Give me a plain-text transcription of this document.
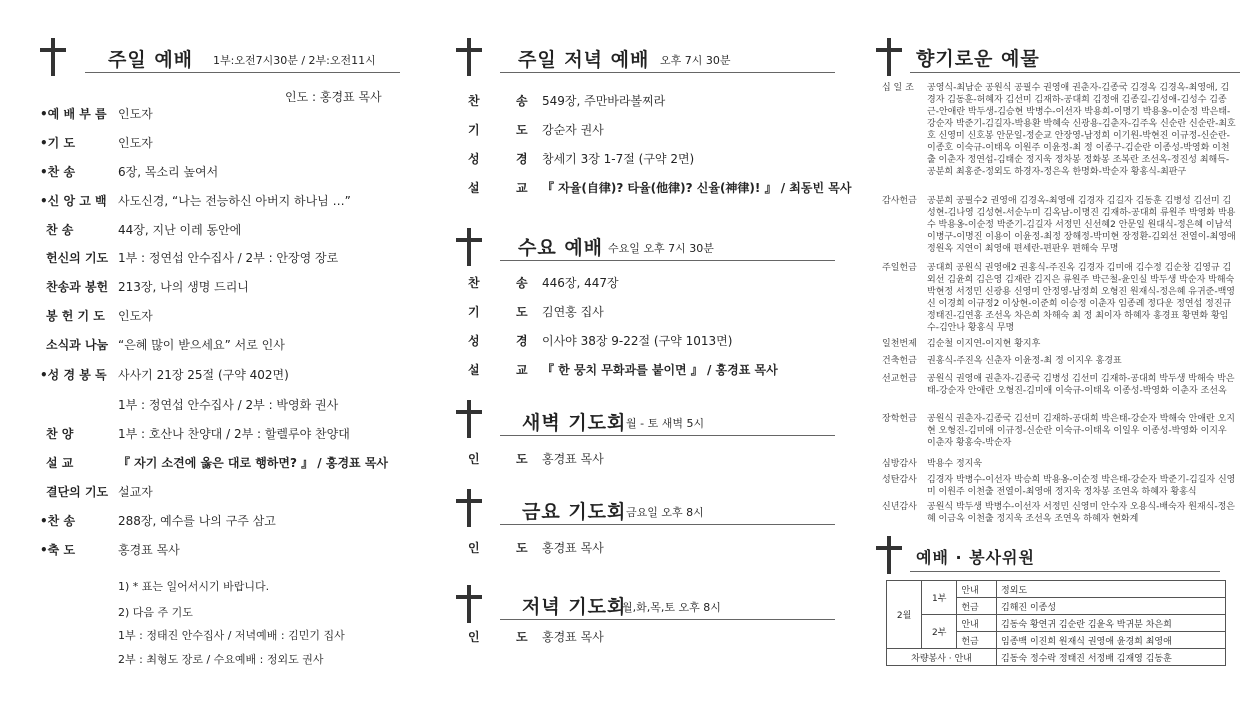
주일 예배 1부:오전7시30분 / 2부:오전11시
인도 : 홍경표 목사
•예 배 부 름 인도자
•기 도	인도자
•찬 송	6장, 목소리 높여서
•신 앙 고 백 사도신경, “나는 전능하신 아버지 하나님 …”
찬 송	44장, 지난 이레 동안에
헌신의 기도 1부 : 정연섭 안수집사 / 2부 : 안장영 장로
찬송과 봉헌 213장, 나의 생명 드리니
봉 헌 기 도 인도자
소식과 나눔 “은혜 많이 받으세요” 서로 인사
•성 경 봉 독 사사기 21장 25절 (구약 402면)
1부 : 정연섭 안수집사 / 2부 : 박영화 권사
찬 양	1부 : 호산나 찬양대 / 2부 : 할렐루야 찬양대
설 교	『 자기 소견에 옳은 대로 행하면? 』 / 홍경표 목사
결단의 기도 설교자
•찬 송	288장, 예수를 나의 구주 삼고
•축 도	홍경표 목사
1) * 표는 일어서시기 바랍니다.
2) 다음 주 기도
1부 : 정태진 안수집사 / 저녁예배 : 김민기 집사
2부 : 최형도 장로 / 수요예배 : 정외도 권사
주일 저녁 예배 오후 7시 30분
찬	송 549장, 주만바라볼찌라
기	도 강순자 권사
성	경 창세기 3장 1-7절 (구약 2면)
설	교 『 자율(自律)? 타율(他律)? 신율(神律)! 』 / 최동빈 목사
수요 예배 수요일 오후 7시 30분
찬	송 446장, 447장
기	도 김연홍 집사
성	경 이사야 38장 9-22절 (구약 1013면)
설	교 『 한 뭉치 무화과를 붙이면 』 / 홍경표 목사
새벽 기도회 월 - 토 새벽 5시
인	도 홍경표 목사
금요 기도회 금요일 오후 8시
인	도 홍경표 목사
저녁 기도회
월,화,목,토 오후 8시
인	도 홍경표 목사
향기로운 예물
십 일 조	공영식-최남순 공원식 공필수 권영애 권춘자-김종국 김경옥 김경옥-최영애, 김경자 김동훈-허혜자 김선미 김재하-공대희 김정애 김종길-김성애-김성수 김종근-안애란 박두생-김승현 박병수-이선자 박용희-이명기 박용옹-이순정 박은태-강순자 박준기-김길자-박용환 박혜숙 신광용-김춘자-김주옥 신순란 신순란-최호호 신영미 신호봉 안문일-정순교 안장영-남정희 이기원-박현진 이규정-신순란-이종호 이숙규-이태옥 이원주 이윤정-최 정 이종구-김순란 이종성-박영화 이천출 이춘자 정연섭-김태순 정지욱 정차봉 정화봉 조복란 조선옥-정진성 최해득-공분희 최홍준-정외도 하경자-정은옥 한명화-박순자 황홍식-최판구
감사헌금	공분희 공필수2 권영애 김경옥-최영애 김경자 김길자 김동훈 김병성 김선미 김성현-김나영 김성현-서순누미 김옥남-이명진 김재하-공대희 류원주 박영화 박용수 박용옹-이순정 박준기-김길자 서정민 신선혜2 안문일 원대식-정은혜 이남석 이병구-이명진 이용이 이윤정-최정 장해정-박미현 장정환-김외선 전열이-최영애 정원옥 지연이 최영애 편세란-편판우 편해숙 무명
주일헌금	공대희 공원식 권영애2 권홍식-주진옥 김경자 김미애 김수정 김순창 김영규 김외선 김윤희 김은영 김재란 김지은 류원주 박근철-윤인실 박두생 박순자 박해숙 박현정 서정민 신광용 신영미 안정영-남정희 오형진 원재식-정은혜 유귀준-백영신 이경희 이규정2 이상현-이준희 이승정 이춘자 임종례 정다운 정연섭 정진규 정태진-김연홍 조선옥 차은희 차해숙 최 정 최이자 하혜자 홍경표 황면화 황임수-김안나 황홍식 무명
일천번제	김순철 이지연-이지현 황지후
건축헌금	권홍식-주진옥 신춘자 이윤정-최 정 이지우 홍경표
선교헌금	공원식 권영애 권춘자-김종국 김병성 김선미 김재하-공대희 박두생 박해숙 박은태-강순자 안애란 오형진-김미애 이숙규-이태옥 이종성-박영화 이춘자 조선옥
장학헌금	공원식 권춘자-김종국 김선미 김재하-공대희 박은태-강순자 박해숙 안애란 오지현 오형진-김미애 이규정-신순란 이숙규-이태옥 이일우 이종성-박영화 이지우 이춘자 황홍숙-박순자
심방감사	박용수 정지욱
성탄감사	김경자 박병수-이선자 박승희 박용옹-이순정 박은태-강순자 박준기-김길자 신영미 이원주 이천출 전열이-최영애 정지욱 정차봉 조연옥 하혜자 황홍식
신년감사	공원식 박두생 박병수-이선자 서정민 신영미 안수자 오용식-배숙자 원재식-정은혜 이금옥 이천출 정지욱 조선옥 조연옥 하혜자 현화계
예배 · 봉사위원
2월	1부	안내	정외도
		헌금	김해진 이종성
	2부	안내	김동숙 황연귀 김순란 김윤옥 박귀분 차은희
		헌금	임종백 이진희 원재식 권영애 윤경희 최영애
차량봉사 · 안내			김동숙 정수락 정태진 서정배 김재영 김동훈
